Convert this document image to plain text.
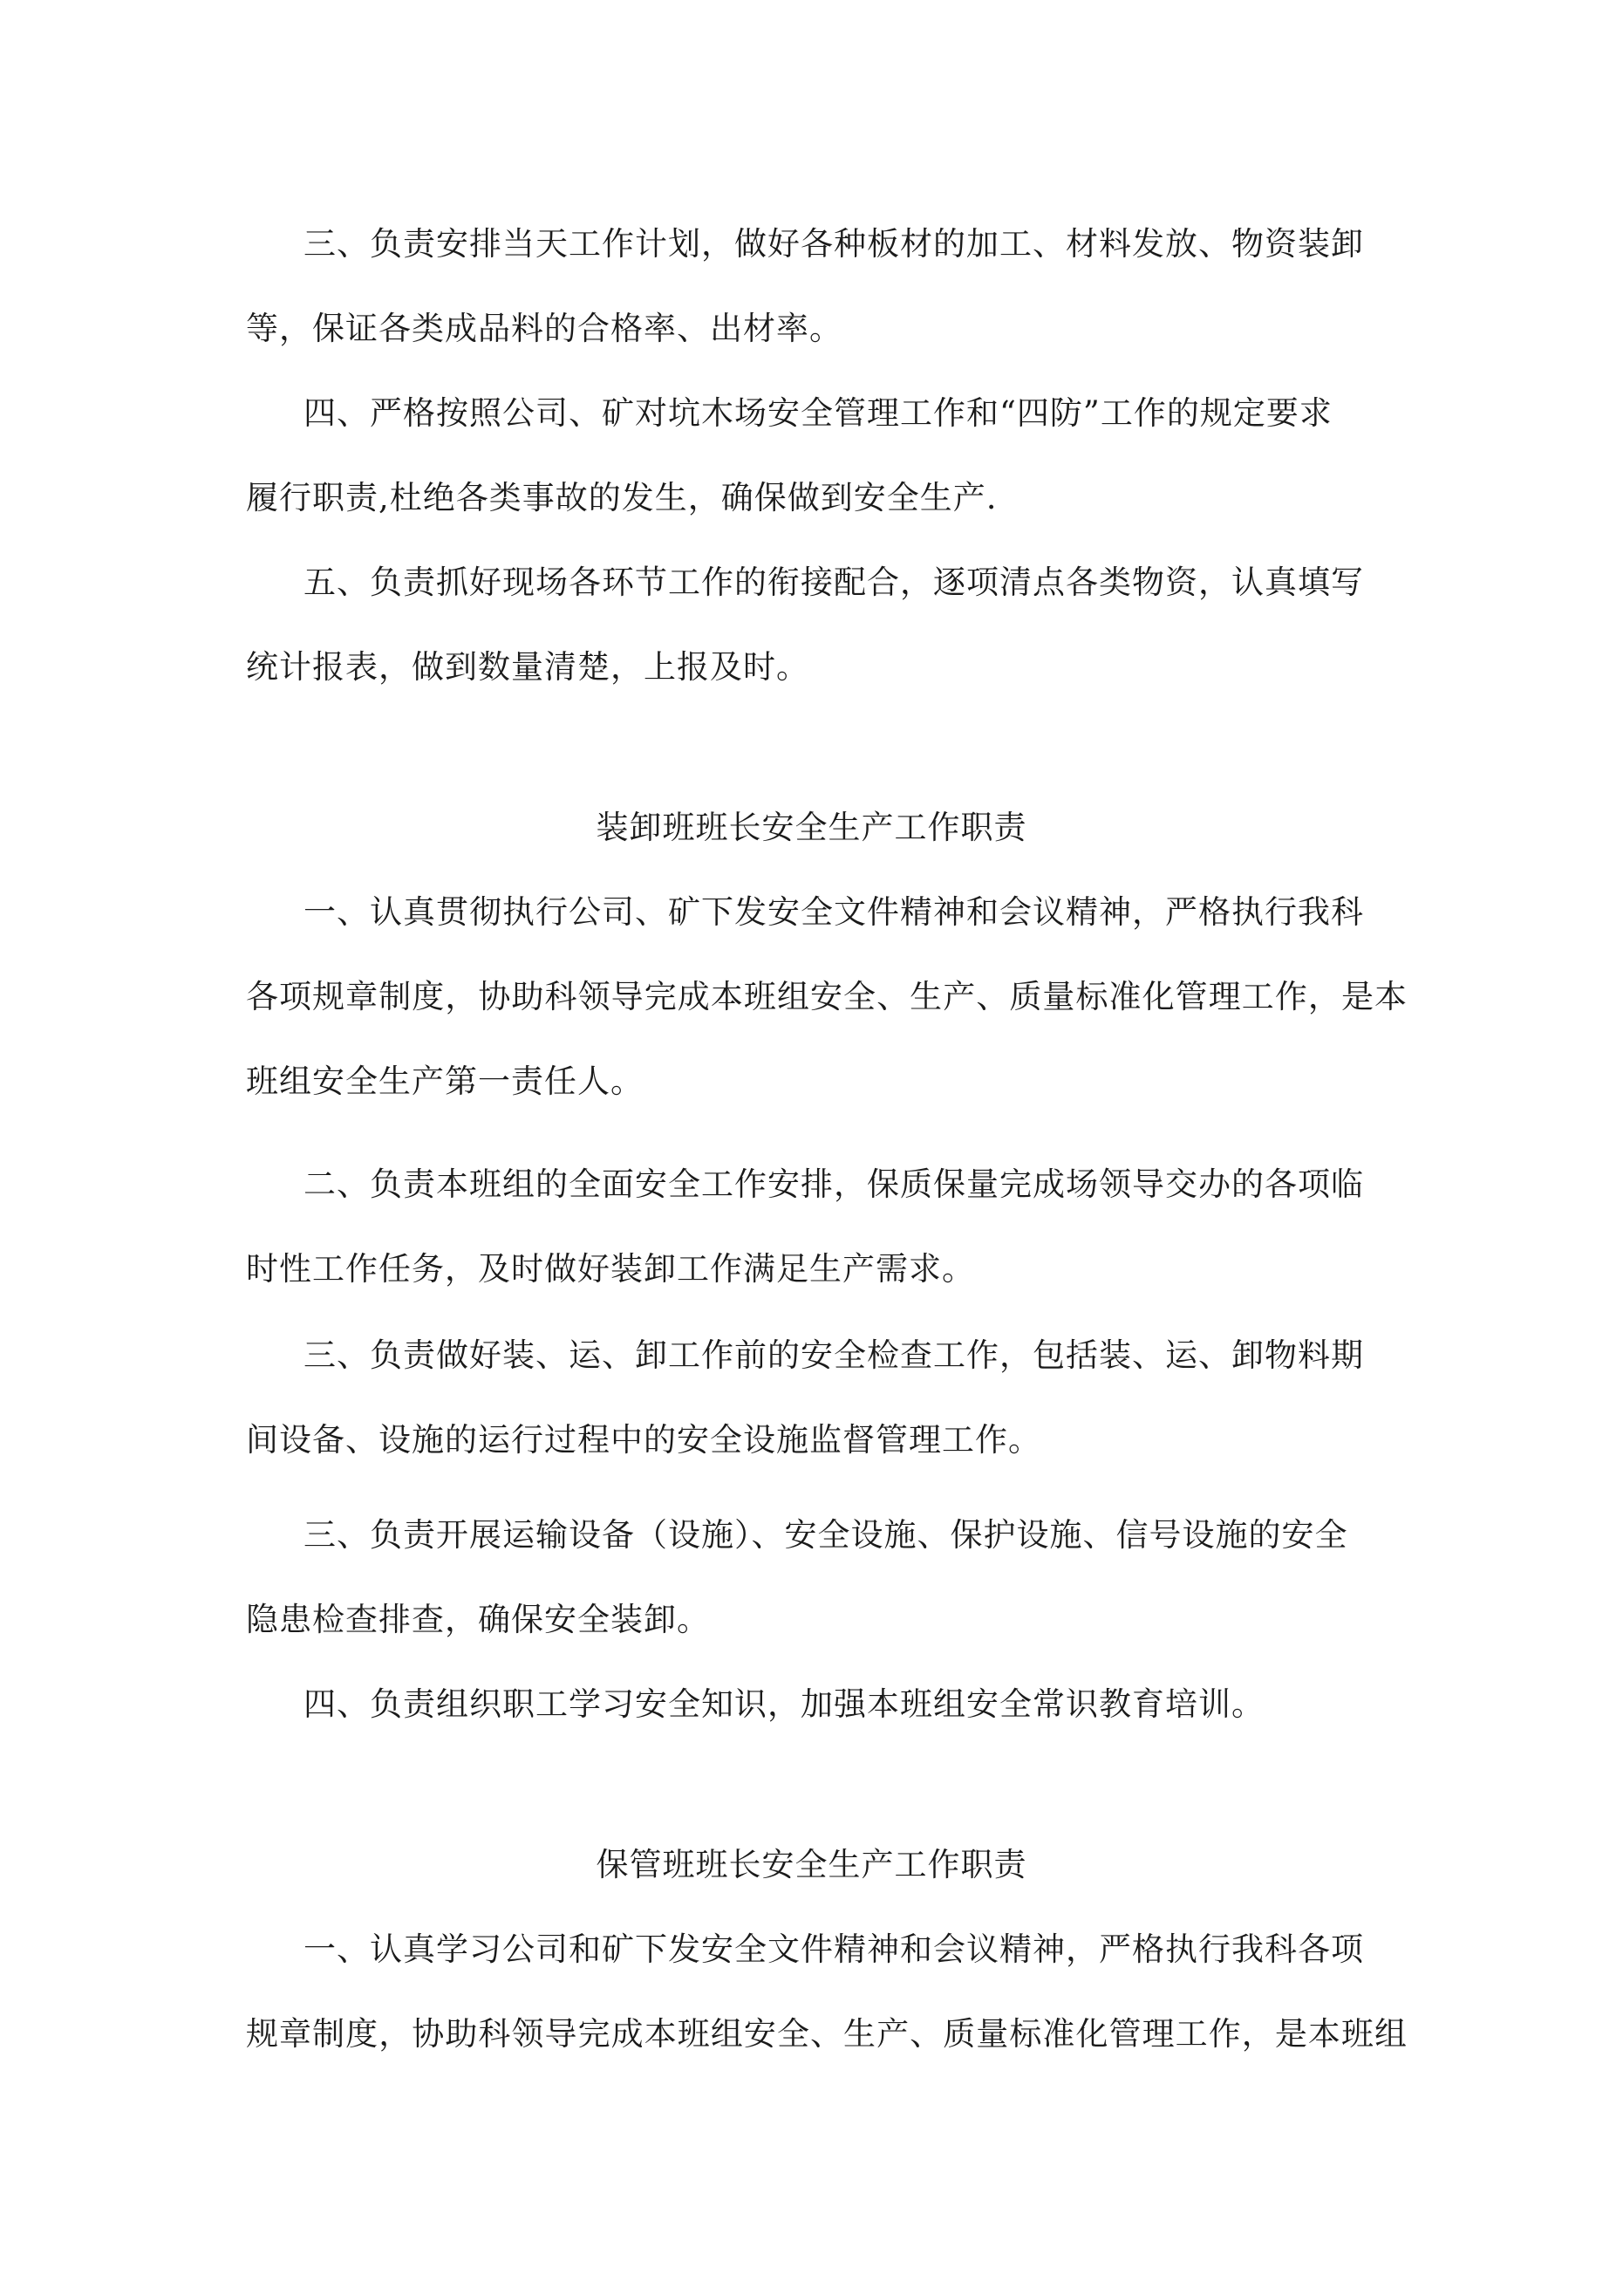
三、负责安排当天工作计划，做好各种板材的加工、材料发放、物资装卸

等，保证各类成品料的合格率、出材率。

四、严格按照公司、矿对坑木场安全管理工作和“四防”工作的规定要求

履行职责,杜绝各类事故的发生，确保做到安全生产.

五、负责抓好现场各环节工作的衔接配合，逐项清点各类物资，认真填写

统计报表，做到数量清楚，上报及时。

装卸班班长安全生产工作职责

一、认真贯彻执行公司、矿下发安全文件精神和会议精神，严格执行我科

各项规章制度，协助科领导完成本班组安全、生产、质量标准化管理工作，是本

班组安全生产第一责任人。

二、负责本班组的全面安全工作安排，保质保量完成场领导交办的各项临

时性工作任务，及时做好装卸工作满足生产需求。

三、负责做好装、运、卸工作前的安全检查工作，包括装、运、卸物料期

间设备、设施的运行过程中的安全设施监督管理工作。

三、负责开展运输设备（设施）、安全设施、保护设施、信号设施的安全

隐患检查排查，确保安全装卸。

四、负责组织职工学习安全知识，加强本班组安全常识教育培训。

保管班班长安全生产工作职责

一、认真学习公司和矿下发安全文件精神和会议精神，严格执行我科各项

规章制度，协助科领导完成本班组安全、生产、质量标准化管理工作，是本班组
